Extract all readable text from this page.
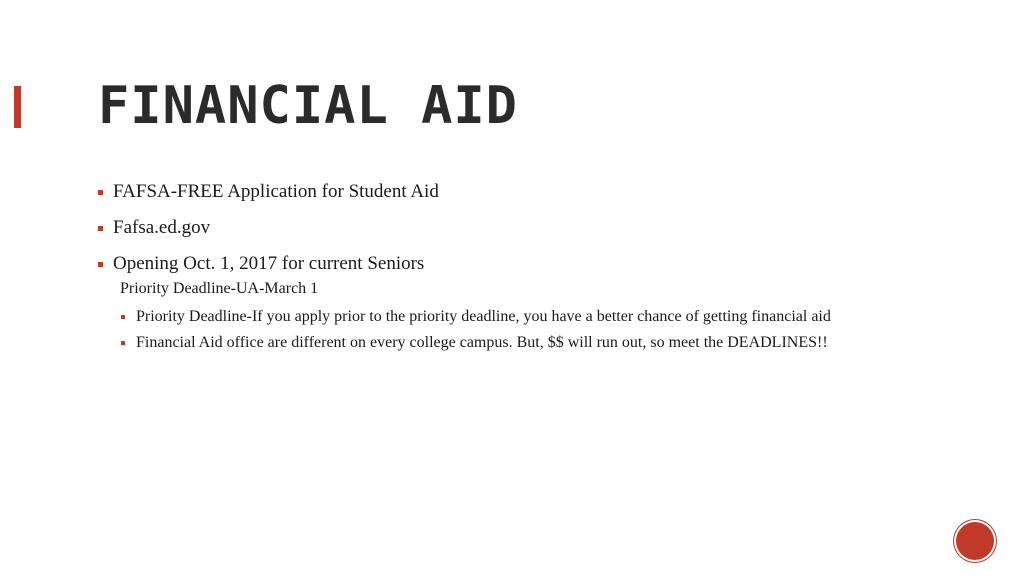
FINANCIAL AID
FAFSA-FREE Application for Student Aid
Fafsa.ed.gov
Opening Oct. 1, 2017 for current Seniors
Priority Deadline-UA-March 1
Priority Deadline-If you apply prior to the priority deadline, you have a better chance of getting financial aid
Financial Aid office are different on every college campus. But, $$ will run out, so meet the DEADLINES!!
